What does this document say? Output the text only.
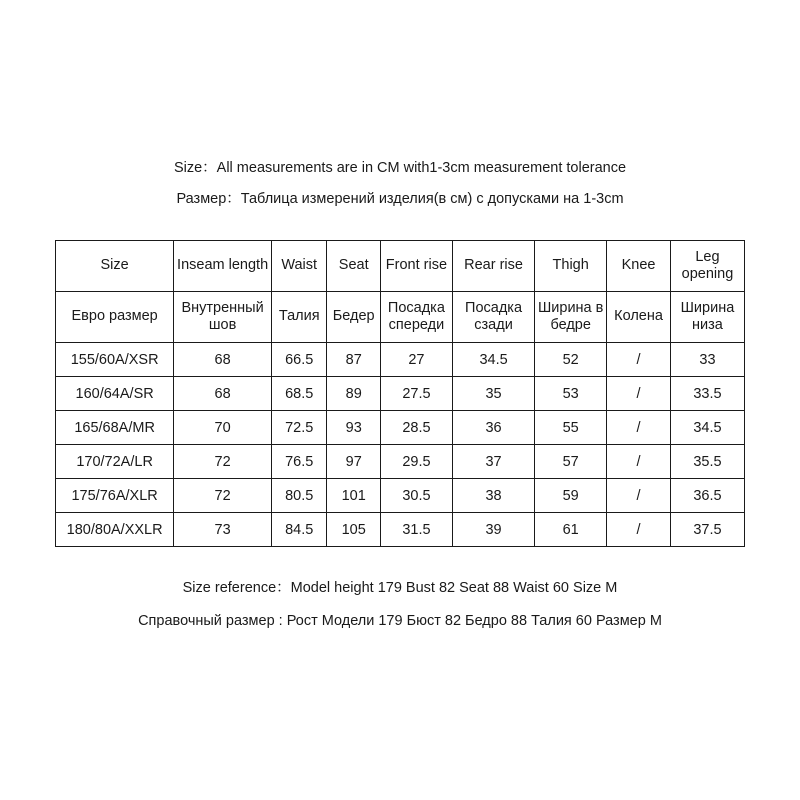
Size：All measurements are in CM with1-3cm measurement tolerance
Размер：Таблица измерений изделия(в см) с допусками на 1-3cm
Size	Inseam length	Waist	Seat	Front rise	Rear rise	Thigh	Knee	Leg opening
Евро размер	Внутренный шов	Талия	Бедер	Посадка спереди	Посадка сзади	Ширина в бедре	Колена	Ширина низа
155/60A/XSR	68	66.5	87	27	34.5	52	/	33
160/64A/SR	68	68.5	89	27.5	35	53	/	33.5
165/68A/MR	70	72.5	93	28.5	36	55	/	34.5
170/72A/LR	72	76.5	97	29.5	37	57	/	35.5
175/76A/XLR	72	80.5	101	30.5	38	59	/	36.5
180/80A/XXLR	73	84.5	105	31.5	39	61	/	37.5
Size reference：Model height 179 Bust 82 Seat 88 Waist 60 Size M
Справочный размер : Рост Модели 179 Бюст 82 Бедро 88 Талия 60 Размер M
